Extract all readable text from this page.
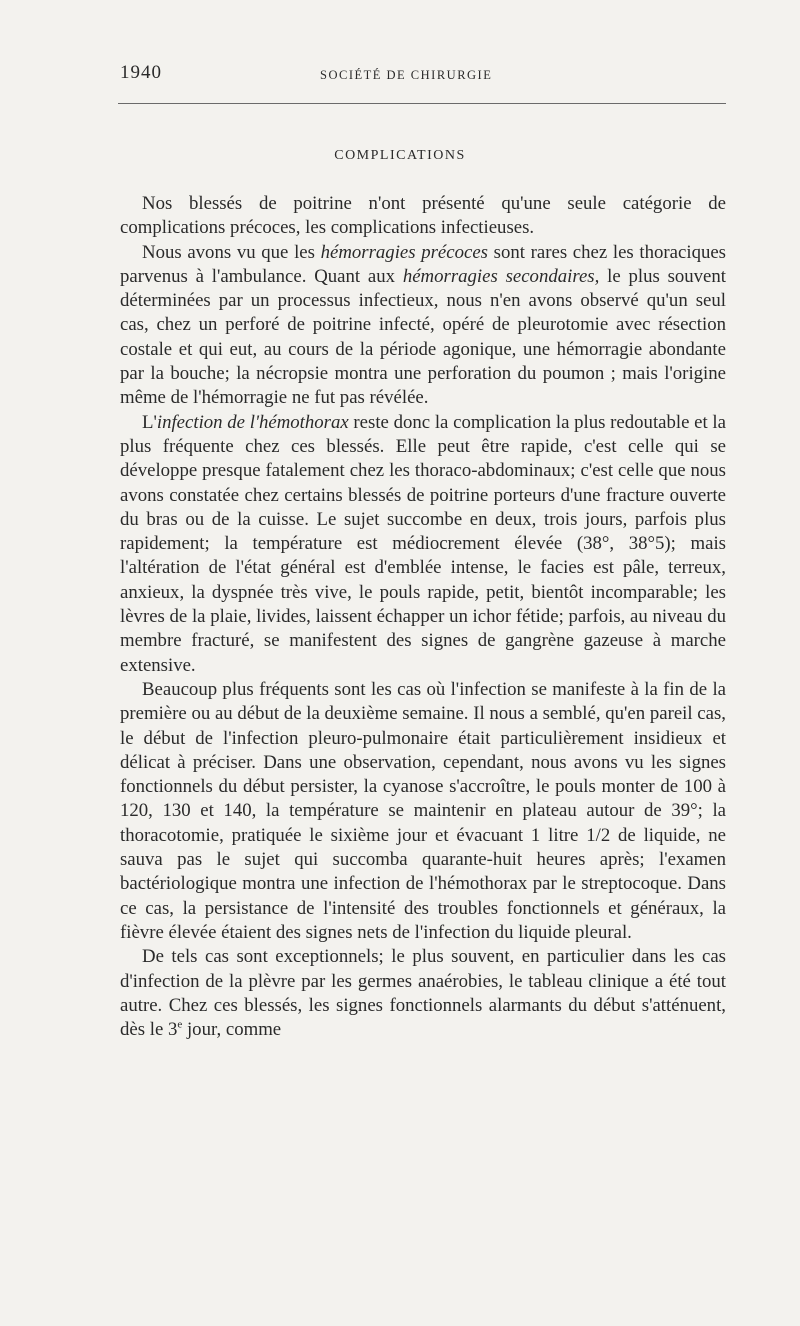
1940	SOCIÉTÉ DE CHIRURGIE
COMPLICATIONS

Nos blessés de poitrine n'ont présenté qu'une seule catégorie de complications précoces, les complications infectieuses.

Nous avons vu que les hémorragies précoces sont rares chez les thoraciques parvenus à l'ambulance. Quant aux hémorragies secondaires, le plus souvent déterminées par un processus infectieux, nous n'en avons observé qu'un seul cas, chez un perforé de poitrine infecté, opéré de pleurotomie avec résection costale et qui eut, au cours de la période agonique, une hémorragie abondante par la bouche; la nécropsie montra une perforation du poumon ; mais l'origine même de l'hémorragie ne fut pas révélée.

L'infection de l'hémothorax reste donc la complication la plus redoutable et la plus fréquente chez ces blessés. Elle peut être rapide, c'est celle qui se développe presque fatalement chez les thoraco-abdominaux; c'est celle que nous avons constatée chez certains blessés de poitrine porteurs d'une fracture ouverte du bras ou de la cuisse. Le sujet succombe en deux, trois jours, parfois plus rapidement; la température est médiocrement élevée (38°, 38°5); mais l'altération de l'état général est d'emblée intense, le facies est pâle, terreux, anxieux, la dyspnée très vive, le pouls rapide, petit, bientôt incomparable; les lèvres de la plaie, livides, laissent échapper un ichor fétide; parfois, au niveau du membre fracturé, se manifestent des signes de gangrène gazeuse à marche extensive.

Beaucoup plus fréquents sont les cas où l'infection se manifeste à la fin de la première ou au début de la deuxième semaine. Il nous a semblé, qu'en pareil cas, le début de l'infection pleuro-pulmonaire était particulièrement insidieux et délicat à préciser. Dans une observation, cependant, nous avons vu les signes fonctionnels du début persister, la cyanose s'accroître, le pouls monter de 100 à 120, 130 et 140, la température se maintenir en plateau autour de 39°; la thoracotomie, pratiquée le sixième jour et évacuant 1 litre 1/2 de liquide, ne sauva pas le sujet qui succomba quarante-huit heures après; l'examen bactériologique montra une infection de l'hémothorax par le streptocoque. Dans ce cas, la persistance de l'intensité des troubles fonctionnels et généraux, la fièvre élevée étaient des signes nets de l'infection du liquide pleural.

De tels cas sont exceptionnels; le plus souvent, en particulier dans les cas d'infection de la plèvre par les germes anaérobies, le tableau clinique a été tout autre. Chez ces blessés, les signes fonctionnels alarmants du début s'atténuent, dès le 3e jour, comme
